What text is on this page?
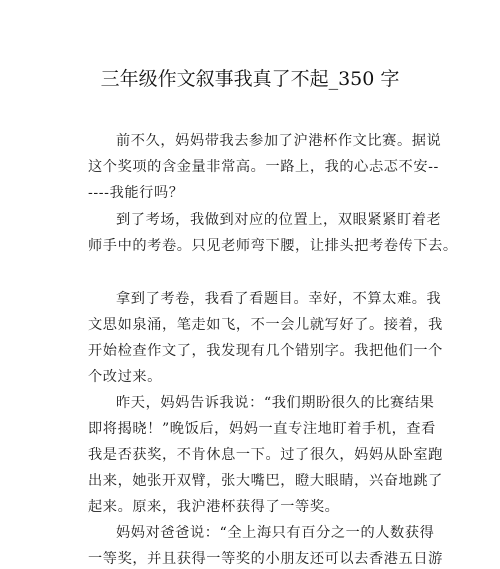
三年级作文叙事我真了不起_350 字
前不久，妈妈带我去参加了沪港杯作文比赛。据说
这个奖项的含金量非常高。一路上，我的心忐忑不安--
----我能行吗？
到了考场，我做到对应的位置上，双眼紧紧盯着老
师手中的考卷。只见老师弯下腰，让排头把考卷传下去。
拿到了考卷，我看了看题目。幸好，不算太难。我
文思如泉涌，笔走如飞，不一会儿就写好了。接着，我
开始检查作文了，我发现有几个错别字。我把他们一个
个改过来。
昨天，妈妈告诉我说：“我们期盼很久的比赛结果
即将揭晓！”晚饭后，妈妈一直专注地盯着手机，查看
我是否获奖，不肯休息一下。过了很久，妈妈从卧室跑
出来，她张开双臂，张大嘴巴，瞪大眼睛，兴奋地跳了
起来。原来，我沪港杯获得了一等奖。
妈妈对爸爸说：“全上海只有百分之一的人数获得
一等奖，并且获得一等奖的小朋友还可以去香港五日游
